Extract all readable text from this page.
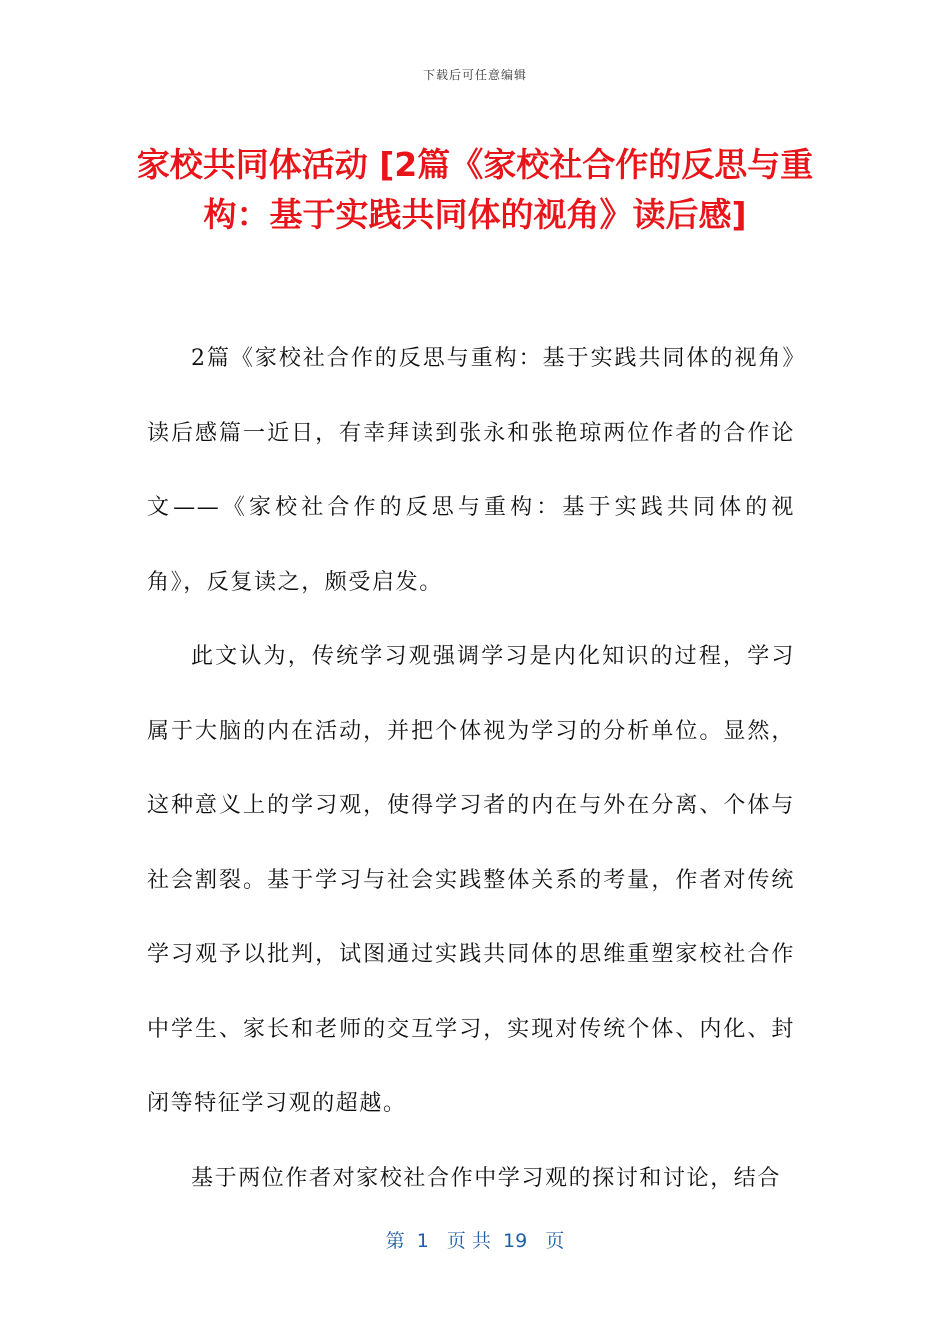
下载后可任意编辑
家校共同体活动 [2篇《家校社合作的反思与重构：基于实践共同体的视角》读后感]

2篇《家校社合作的反思与重构：基于实践共同体的视角》读后感篇一近日，有幸拜读到张永和张艳琼两位作者的合作论文——《家校社合作的反思与重构：基于实践共同体的视角》，反复读之，颇受启发。

此文认为，传统学习观强调学习是内化知识的过程，学习属于大脑的内在活动，并把个体视为学习的分析单位。显然，这种意义上的学习观，使得学习者的内在与外在分离、个体与社会割裂。基于学习与社会实践整体关系的考量，作者对传统学习观予以批判，试图通过实践共同体的思维重塑家校社合作中学生、家长和老师的交互学习，实现对传统个体、内化、封闭等特征学习观的超越。

基于两位作者对家校社合作中学习观的探讨和讨论，结合

第  1   页 共  19   页
